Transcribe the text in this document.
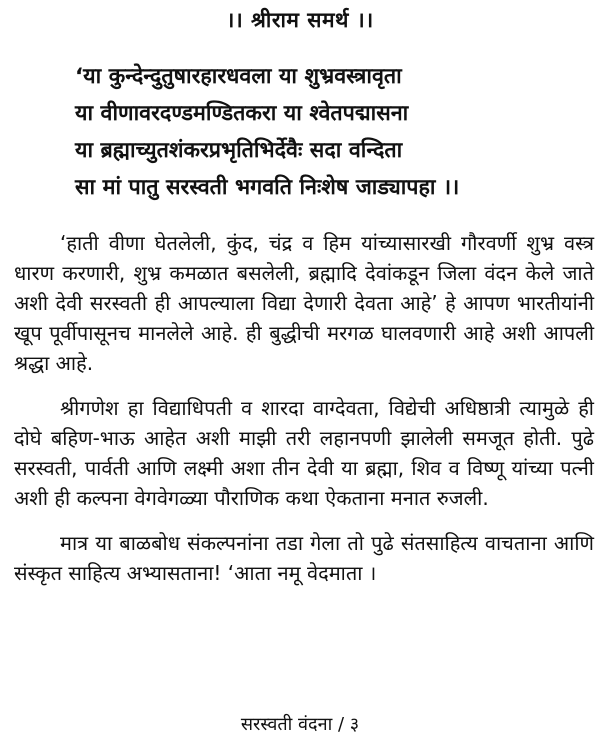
।। श्रीराम समर्थ ।।
‘या कुन्देन्दुतुषारहारधवला या शुभ्रवस्त्रावृता
या वीणावरदण्डमण्डितकरा या श्वेतपद्मासना
या ब्रह्माच्युतशंकरप्रभृतिभिर्देवैः सदा वन्दिता
सा मां पातु सरस्वती भगवति निःशेष जाड्यापहा ।।

‘हाती वीणा घेतलेली, कुंद, चंद्र व हिम यांच्यासारखी गौरवर्णी शुभ्र वस्त्र धारण करणारी, शुभ्र कमळात बसलेली, ब्रह्मादि देवांकडून जिला वंदन केले जाते अशी देवी सरस्वती ही आपल्याला विद्या देणारी देवता आहे’ हे आपण भारतीयांनी खूप पूर्वीपासूनच मानलेले आहे. ही बुद्धीची मरगळ घालवणारी आहे अशी आपली श्रद्धा आहे.

श्रीगणेश हा विद्याधिपती व शारदा वाग्देवता, विद्येची अधिष्ठात्री त्यामुळे ही दोघे बहिण-भाऊ आहेत अशी माझी तरी लहानपणी झालेली समजूत होती. पुढे सरस्वती, पार्वती आणि लक्ष्मी अशा तीन देवी या ब्रह्मा, शिव व विष्णू यांच्या पत्नी अशी ही कल्पना वेगवेगळ्या पौराणिक कथा ऐकताना मनात रुजली.

मात्र या बाळबोध संकल्पनांना तडा गेला तो पुढे संतसाहित्य वाचताना आणि संस्कृत साहित्य अभ्यासताना! ‘आता नमू वेदमाता ।

सरस्वती वंदना / ३
